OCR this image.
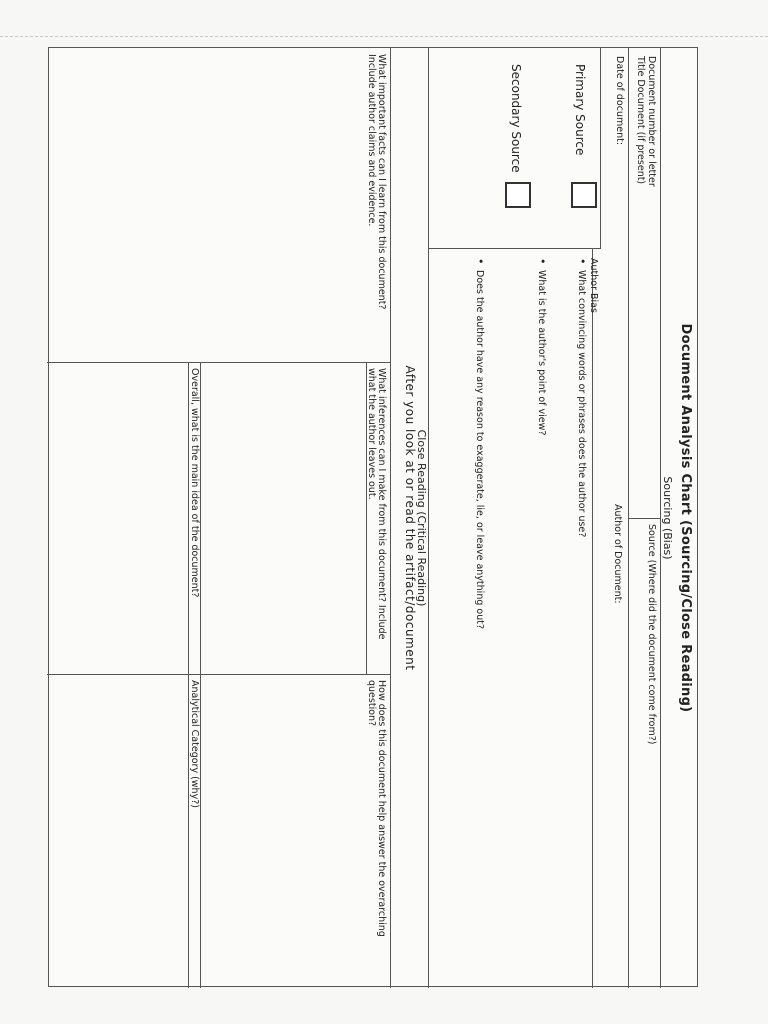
Document Analysis Chart (Sourcing/Close Reading)
Sourcing (Bias)
Document number or letter
Title Document (if present)
Source (Where did the document come from?)
Date of document:
Author of Document:
Primary Source
Secondary Source
Author Bias
• What convincing words or phrases does the author use?
• What is the author's point of view?
• Does the author have any reason to exaggerate, lie, or leave anything out?
Close Reading (Critical Reading)
After you look at or read the artifact/document
What important facts can I learn from this document?
Include author claims and evidence.
What inferences can I make from this document? Include
what the author leaves out.
How does this document help answer the overarching
question?
Overall, what is the main idea of the document?
Analytical Category (why?)
